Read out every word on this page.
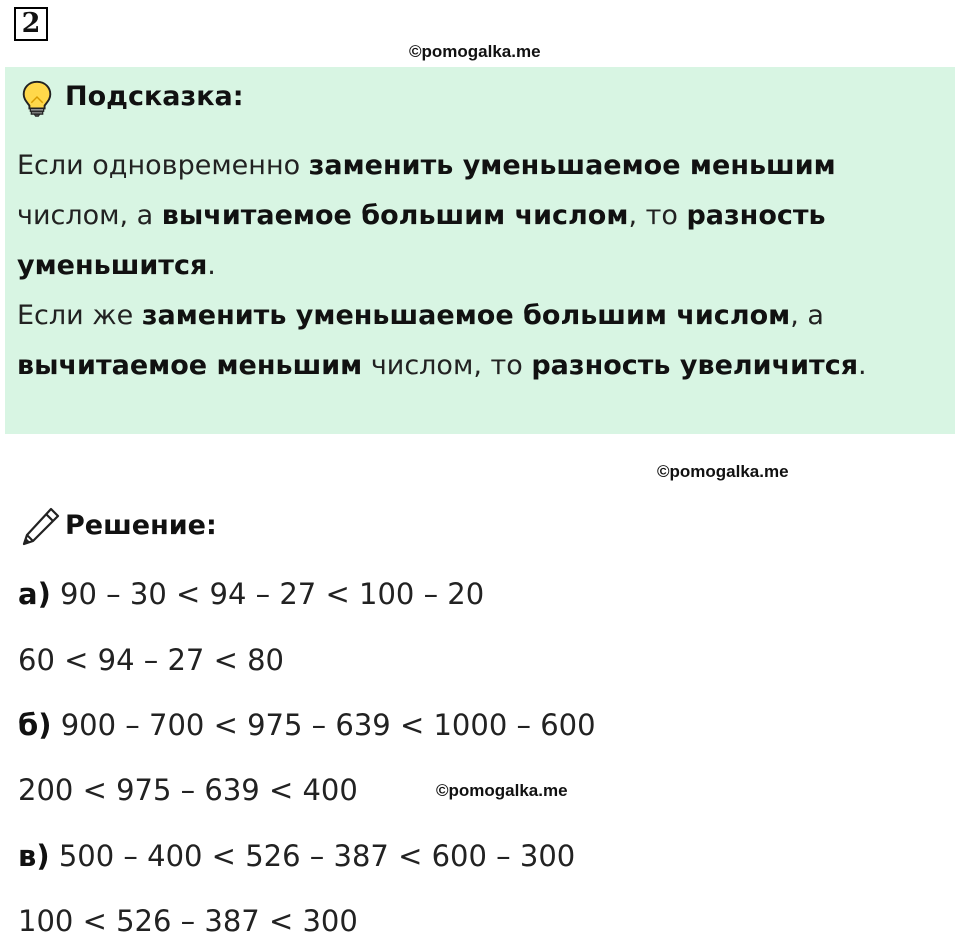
2
©pomogalka.me
Подсказка:
Если одновременно заменить уменьшаемое меньшим числом, а вычитаемое большим числом, то разность уменьшится.
Если же заменить уменьшаемое большим числом, а вычитаемое меньшим числом, то разность увеличится.
©pomogalka.me
Решение:
а) 90 – 30 < 94 – 27 < 100 – 20
60 < 94 – 27 < 80
б) 900 – 700 < 975 – 639 < 1000 – 600
200 < 975 – 639 < 400	©pomogalka.me
в) 500 – 400 < 526 – 387 < 600 – 300
100 < 526 – 387 < 300
